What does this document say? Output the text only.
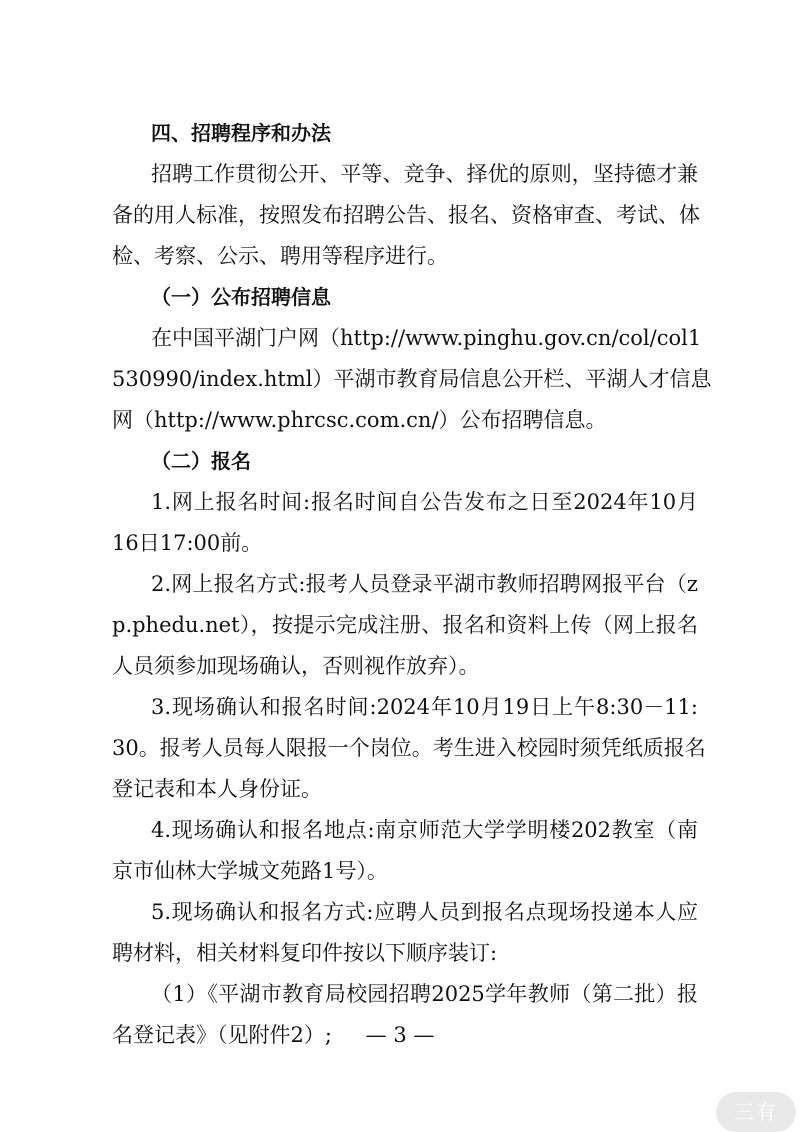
四、招聘程序和办法
招聘工作贯彻公开、平等、竞争、择优的原则，坚持德才兼
备的用人标准，按照发布招聘公告、报名、资格审查、考试、体
检、考察、公示、聘用等程序进行。
（一）公布招聘信息
在中国平湖门户网（http://www.pinghu.gov.cn/col/col1
530990/index.html）平湖市教育局信息公开栏、平湖人才信息
网（http://www.phrcsc.com.cn/）公布招聘信息。
（二）报名
1.网上报名时间:报名时间自公告发布之日至2024年10月
16日17:00前。
2.网上报名方式:报考人员登录平湖市教师招聘网报平台（z
p.phedu.net），按提示完成注册、报名和资料上传（网上报名
人员须参加现场确认，否则视作放弃）。
3.现场确认和报名时间:2024年10月19日上午8:30－11:
30。报考人员每人限报一个岗位。考生进入校园时须凭纸质报名
登记表和本人身份证。
4.现场确认和报名地点:南京师范大学学明楼202教室（南
京市仙林大学城文苑路1号）。
5.现场确认和报名方式:应聘人员到报名点现场投递本人应
聘材料，相关材料复印件按以下顺序装订:
（1）《平湖市教育局校园招聘2025学年教师（第二批）报
名登记表》（见附件2）;	— 3 —
三有
